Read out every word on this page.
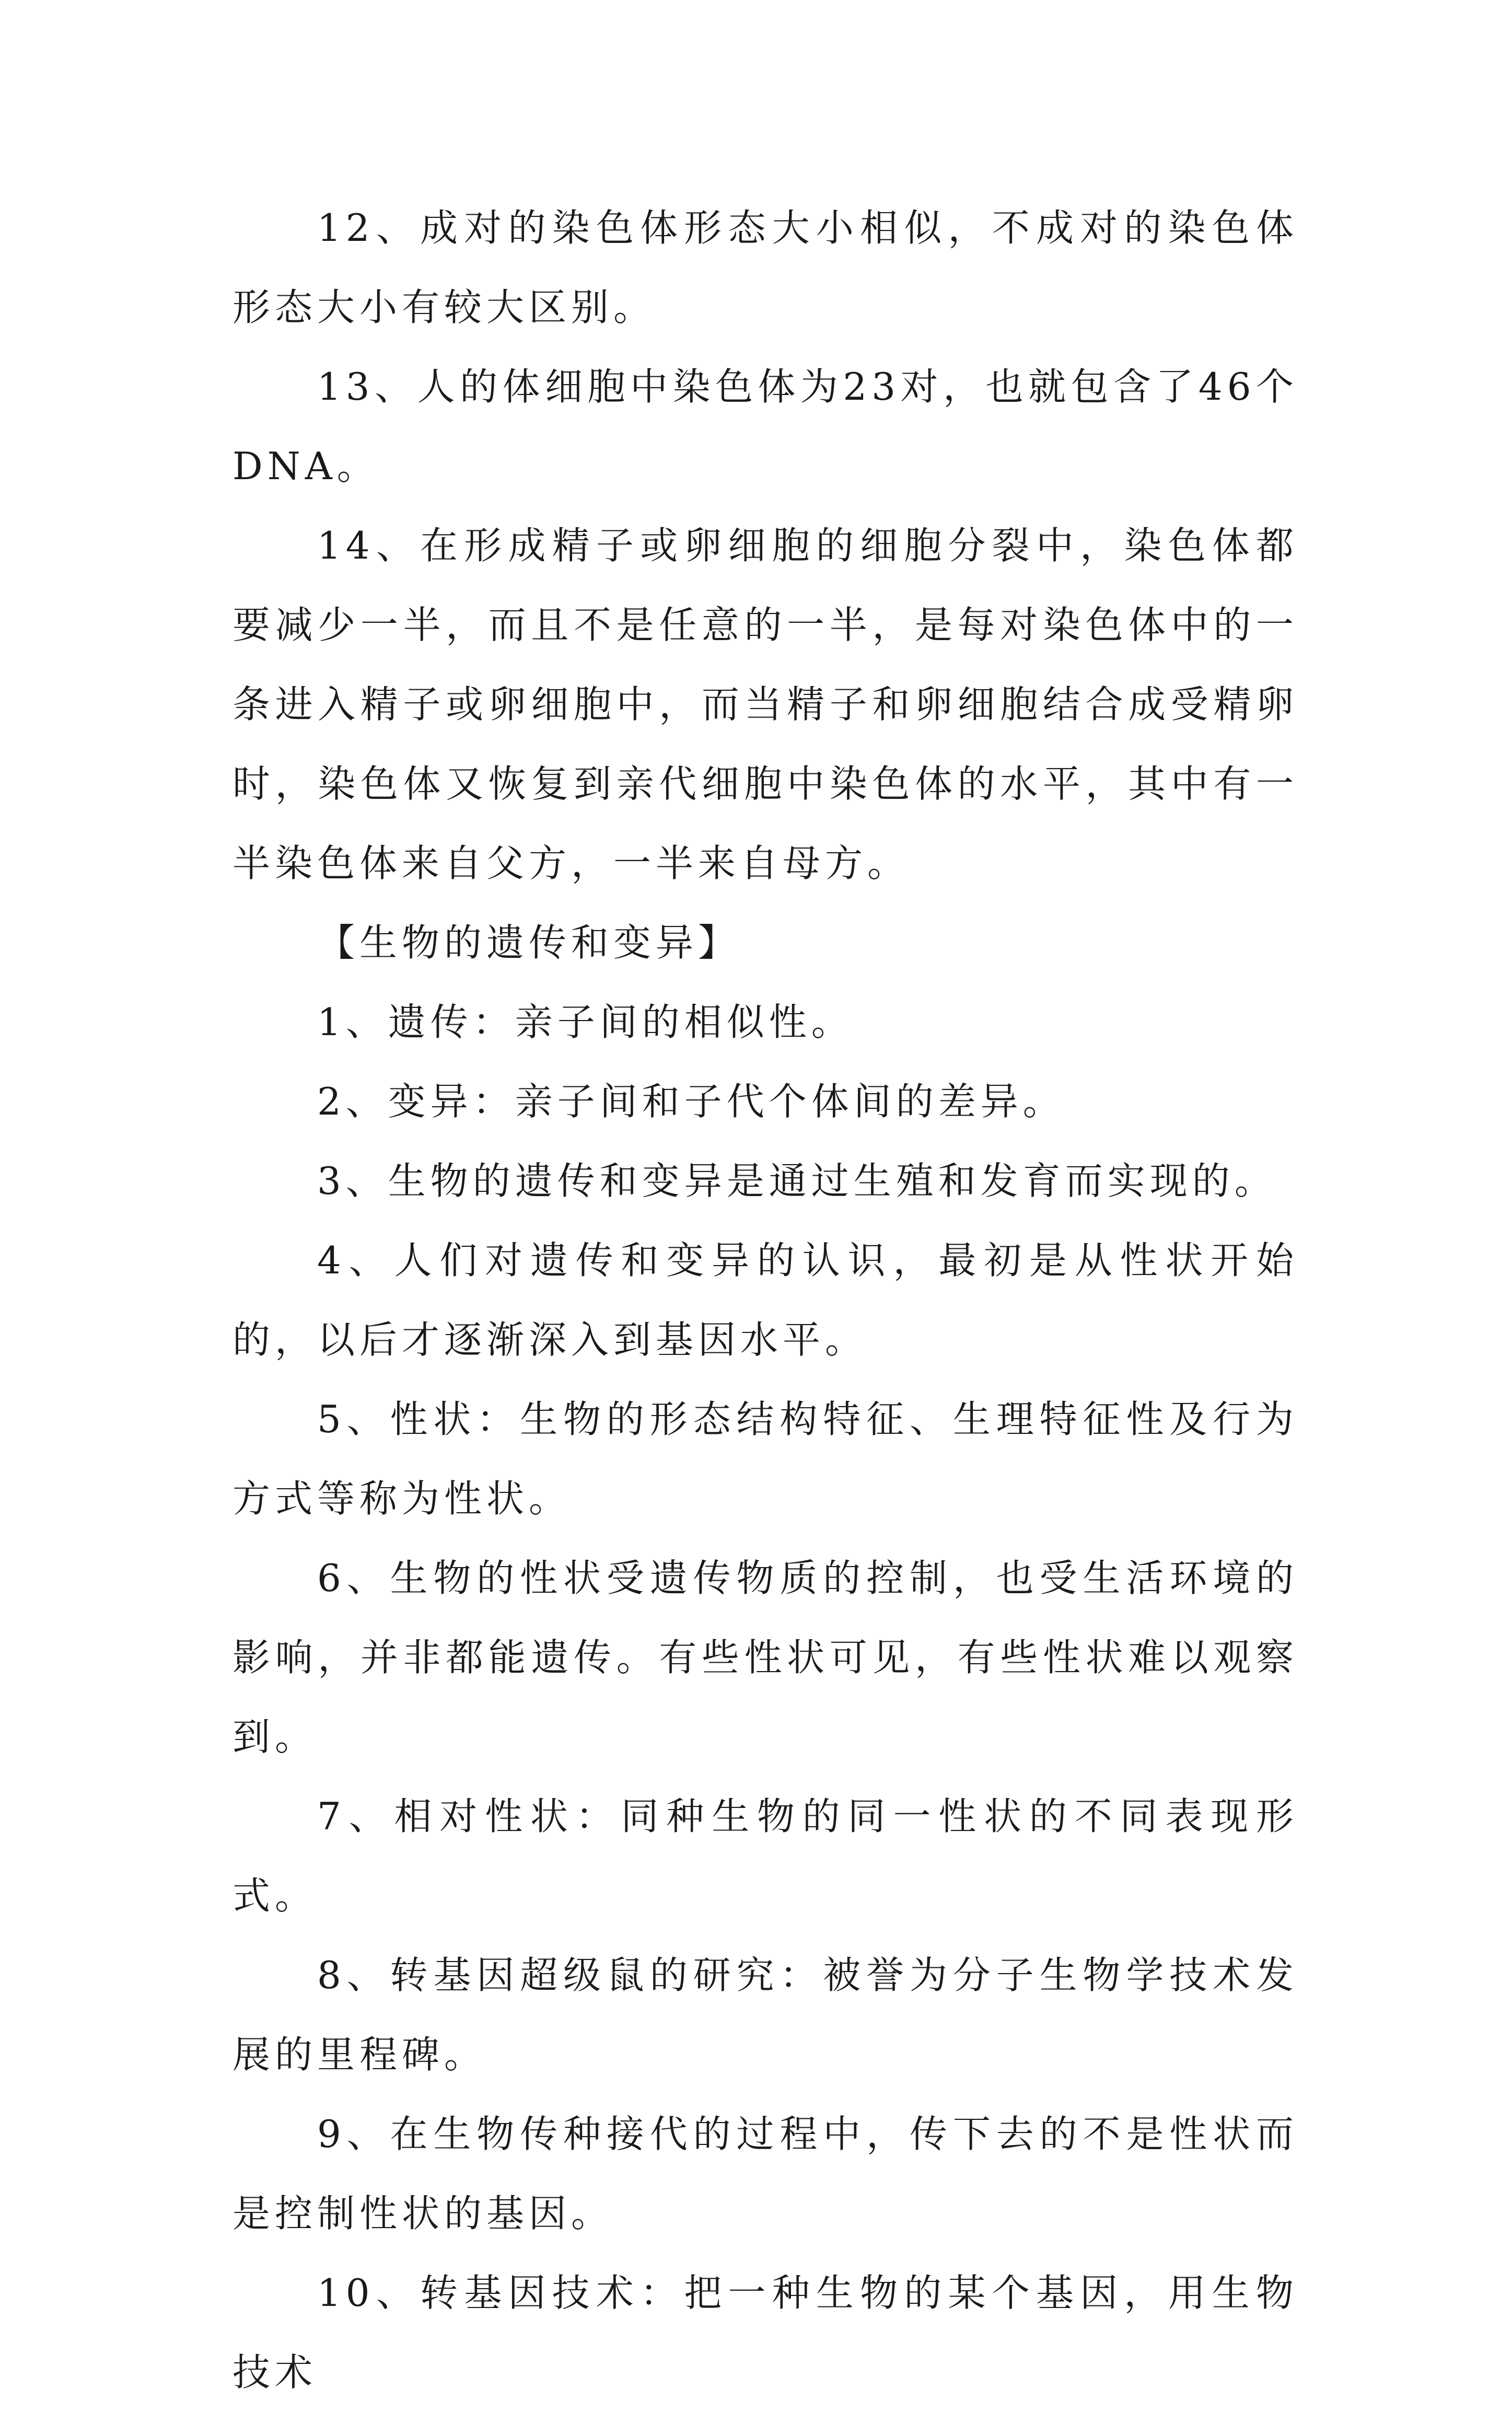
12、成对的染色体形态大小相似，不成对的染色体形态大小有较大区别。

13、人的体细胞中染色体为23对，也就包含了46个DNA。

14、在形成精子或卵细胞的细胞分裂中，染色体都要减少一半，而且不是任意的一半，是每对染色体中的一条进入精子或卵细胞中，而当精子和卵细胞结合成受精卵时，染色体又恢复到亲代细胞中染色体的水平，其中有一半染色体来自父方，一半来自母方。

【生物的遗传和变异】

1、遗传：亲子间的相似性。

2、变异：亲子间和子代个体间的差异。

3、生物的遗传和变异是通过生殖和发育而实现的。

4、人们对遗传和变异的认识，最初是从性状开始的，以后才逐渐深入到基因水平。

5、性状：生物的形态结构特征、生理特征性及行为方式等称为性状。

6、生物的性状受遗传物质的控制，也受生活环境的影响，并非都能遗传。有些性状可见，有些性状难以观察到。

7、相对性状：同种生物的同一性状的不同表现形式。

8、转基因超级鼠的研究：被誉为分子生物学技术发展的里程碑。

9、在生物传种接代的过程中，传下去的不是性状而是控制性状的基因。

10、转基因技术：把一种生物的某个基因，用生物技术
